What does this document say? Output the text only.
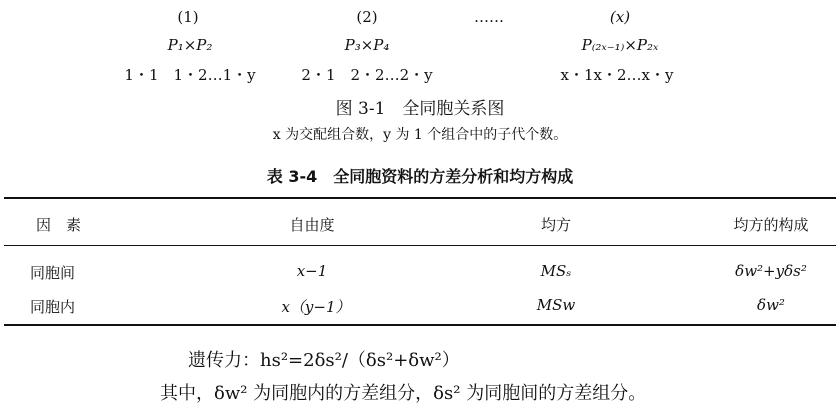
(1)	(2)	……	(x)
P₁×P₂	P₃×P₄	P₍₂ₓ₋₁₎×P₂ₓ
1・1　1・2…1・y	2・1　2・2…2・y	x・1x・2…x・y
图 3-1　全同胞关系图
x 为交配组合数，y 为 1 个组合中的子代个数。
表 3-4　全同胞资料的方差分析和均方构成
因　素	自由度	均方	均方的构成
同胞间	x−1	MSₛ	δw²+yδs²
同胞内	x（y−1）	MSw	δw²
遗传力：hs²=2δs²/（δs²+δw²）
其中，δw² 为同胞内的方差组分，δs² 为同胞间的方差组分。
